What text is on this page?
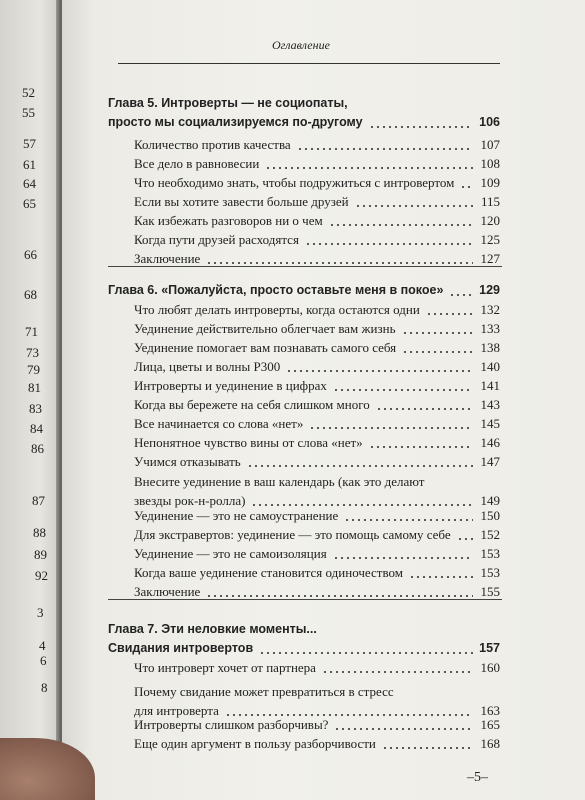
52
55
57
61
64
65
66
68
71
73
79
81
83
84
86
87
88
89
92
3
4
6
8
Оглавление
Глава 5. Интроверты — не социопаты,
просто мы социализируемся по-другому	106
Количество против качества	107
Все дело в равновесии	108
Что необходимо знать, чтобы подружиться с интровертом	109
Если вы хотите завести больше друзей	115
Как избежать разговоров ни о чем	120
Когда пути друзей расходятся	125
Заключение	127
Глава 6. «Пожалуйста, просто оставьте меня в покое»	129
Что любят делать интроверты, когда остаются одни	132
Уединение действительно облегчает вам жизнь	133
Уединение помогает вам познавать самого себя	138
Лица, цветы и волны Р300	140
Интроверты и уединение в цифрах	141
Когда вы бережете на себя слишком много	143
Все начинается со слова «нет»	145
Непонятное чувство вины от слова «нет»	146
Учимся отказывать	147
Внесите уединение в ваш календарь (как это делают
звезды рок-н-ролла)	149
Уединение — это не самоустранение	150
Для экстравертов: уединение — это помощь самому себе	152
Уединение — это не самоизоляция	153
Когда ваше уединение становится одиночеством	153
Заключение	155
Глава 7. Эти неловкие моменты...
Свидания интровертов	157
Что интроверт хочет от партнера	160
Почему свидание может превратиться в стресс
для интроверта	163
Интроверты слишком разборчивы?	165
Еще один аргумент в пользу разборчивости	168
–5–
